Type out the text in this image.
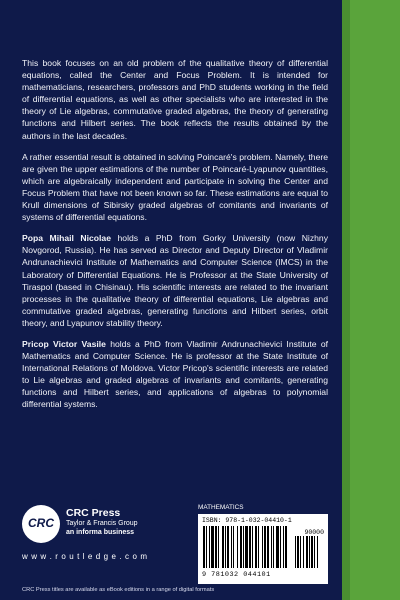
This book focuses on an old problem of the qualitative theory of differential equations, called the Center and Focus Problem. It is intended for mathematicians, researchers, professors and PhD students working in the field of differential equations, as well as other specialists who are interested in the theory of Lie algebras, commutative graded algebras, the theory of generating functions and Hilbert series. The book reflects the results obtained by the authors in the last decades.

A rather essential result is obtained in solving Poincaré's problem. Namely, there are given the upper estimations of the number of Poincaré-Lyapunov quantities, which are algebraically independent and participate in solving the Center and Focus Problem that have not been known so far. These estimations are equal to Krull dimensions of Sibirsky graded algebras of comitants and invariants of systems of differential equations.

Popa Mihail Nicolae holds a PhD from Gorky University (now Nizhny Novgorod, Russia). He has served as Director and Deputy Director of Vladimir Andrunachievici Institute of Mathematics and Computer Science (IMCS) in the Laboratory of Differential Equations. He is Professor at the State University of Tiraspol (based in Chisinau). His scientific interests are related to the invariant processes in the qualitative theory of differential equations, Lie algebras and commutative graded algebras, generating functions and Hilbert series, orbit theory, and Lyapunov stability theory.

Pricop Victor Vasile holds a PhD from Vladimir Andrunachievici Institute of Mathematics and Computer Science. He is professor at the State Institute of International Relations of Moldova. Victor Pricop's scientific interests are related to Lie algebras and graded algebras of invariants and comitants, generating functions and Hilbert series, and applications of algebras to polynomial differential systems.

CRC
CRC Press
Taylor & Francis Group
an informa business
w w w . r o u t l e d g e . c o m
CRC Press titles are available as eBook editions in a range of digital formats
MATHEMATICS
ISBN: 978-1-032-04410-1
90000
9 781032 044101
